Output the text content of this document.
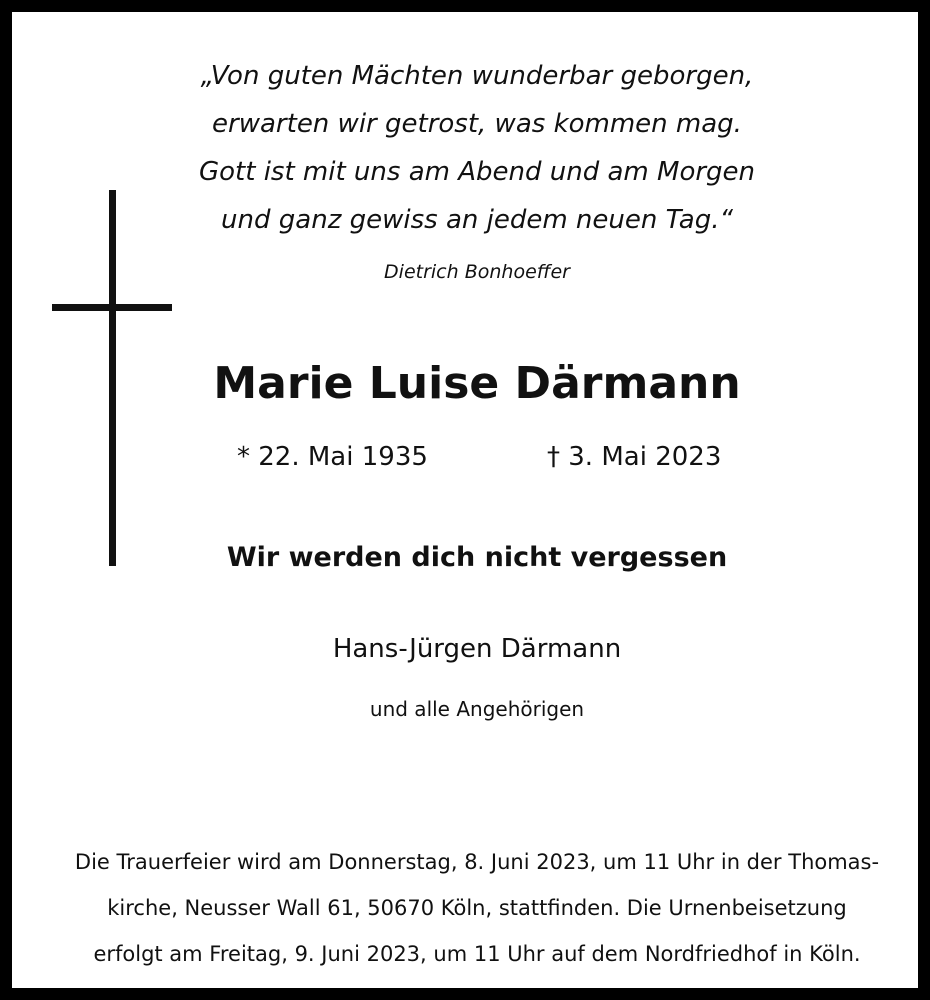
„Von guten Mächten wunderbar geborgen,
erwarten wir getrost, was kommen mag.
Gott ist mit uns am Abend und am Morgen
und ganz gewiss an jedem neuen Tag.“
Dietrich Bonhoeffer
Marie Luise Därmann
* 22. Mai 1935	† 3. Mai 2023
Wir werden dich nicht vergessen
Hans-Jürgen Därmann
und alle Angehörigen
Die Trauerfeier wird am Donnerstag, 8. Juni 2023, um 11 Uhr in der Thomas-
kirche, Neusser Wall 61, 50670 Köln, stattfinden. Die Urnenbeisetzung
erfolgt am Freitag, 9. Juni 2023, um 11 Uhr auf dem Nordfriedhof in Köln.
